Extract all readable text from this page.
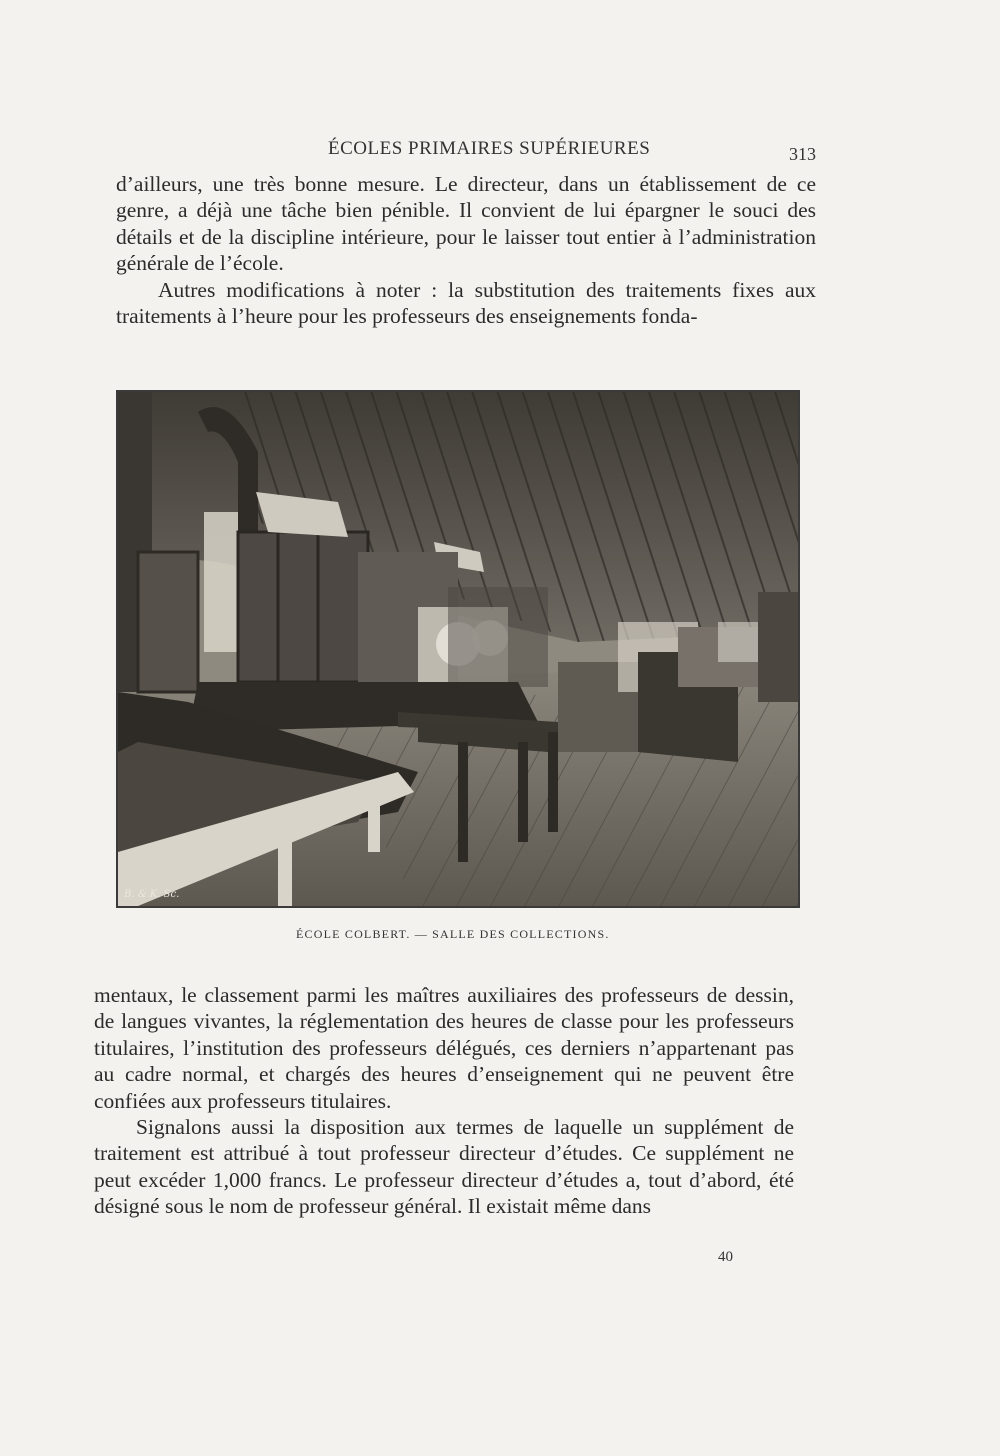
ÉCOLES PRIMAIRES SUPÉRIEURES	313

d’ailleurs, une très bonne mesure. Le directeur, dans un établissement de ce genre, a déjà une tâche bien pénible. Il convient de lui épargner le souci des détails et de la discipline intérieure, pour le laisser tout entier à l’administration générale de l’école.

Autres modifications à noter : la substitution des traitements fixes aux traitements à l’heure pour les professeurs des enseignements fonda-

B. & K. Sc.
ÉCOLE COLBERT. — SALLE DES COLLECTIONS.

mentaux, le classement parmi les maîtres auxiliaires des professeurs de dessin, de langues vivantes, la réglementation des heures de classe pour les professeurs titulaires, l’institution des professeurs délégués, ces derniers n’appartenant pas au cadre normal, et chargés des heures d’enseignement qui ne peuvent être confiées aux professeurs titulaires.

Signalons aussi la disposition aux termes de laquelle un supplément de traitement est attribué à tout professeur directeur d’études. Ce supplément ne peut excéder 1,000 francs. Le professeur directeur d’études a, tout d’abord, été désigné sous le nom de professeur général. Il existait même dans

40
